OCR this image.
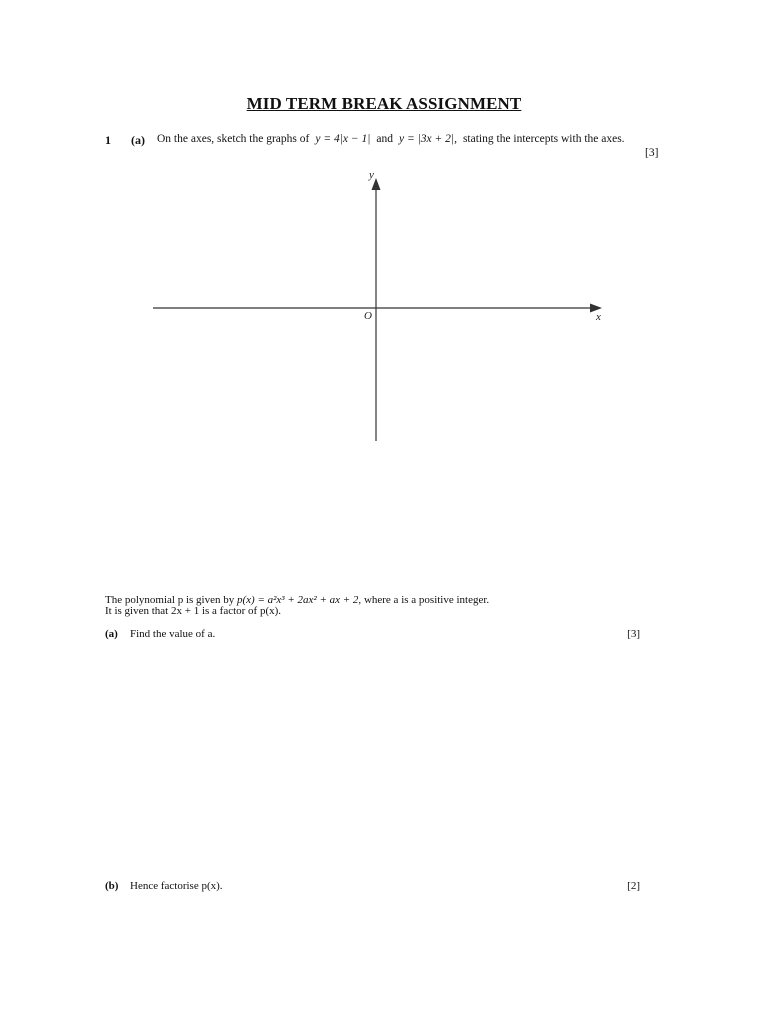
MID TERM BREAK ASSIGNMENT
1 (a) On the axes, sketch the graphs of y = 4|x − 1| and y = |3x + 2|, stating the intercepts with the axes.
[3]
y
x
O
The polynomial p is given by p(x) = a²x³ + 2ax² + ax + 2, where a is a positive integer.
It is given that 2x + 1 is a factor of p(x).
(a) Find the value of a.	[3]
(b) Hence factorise p(x).	[2]
